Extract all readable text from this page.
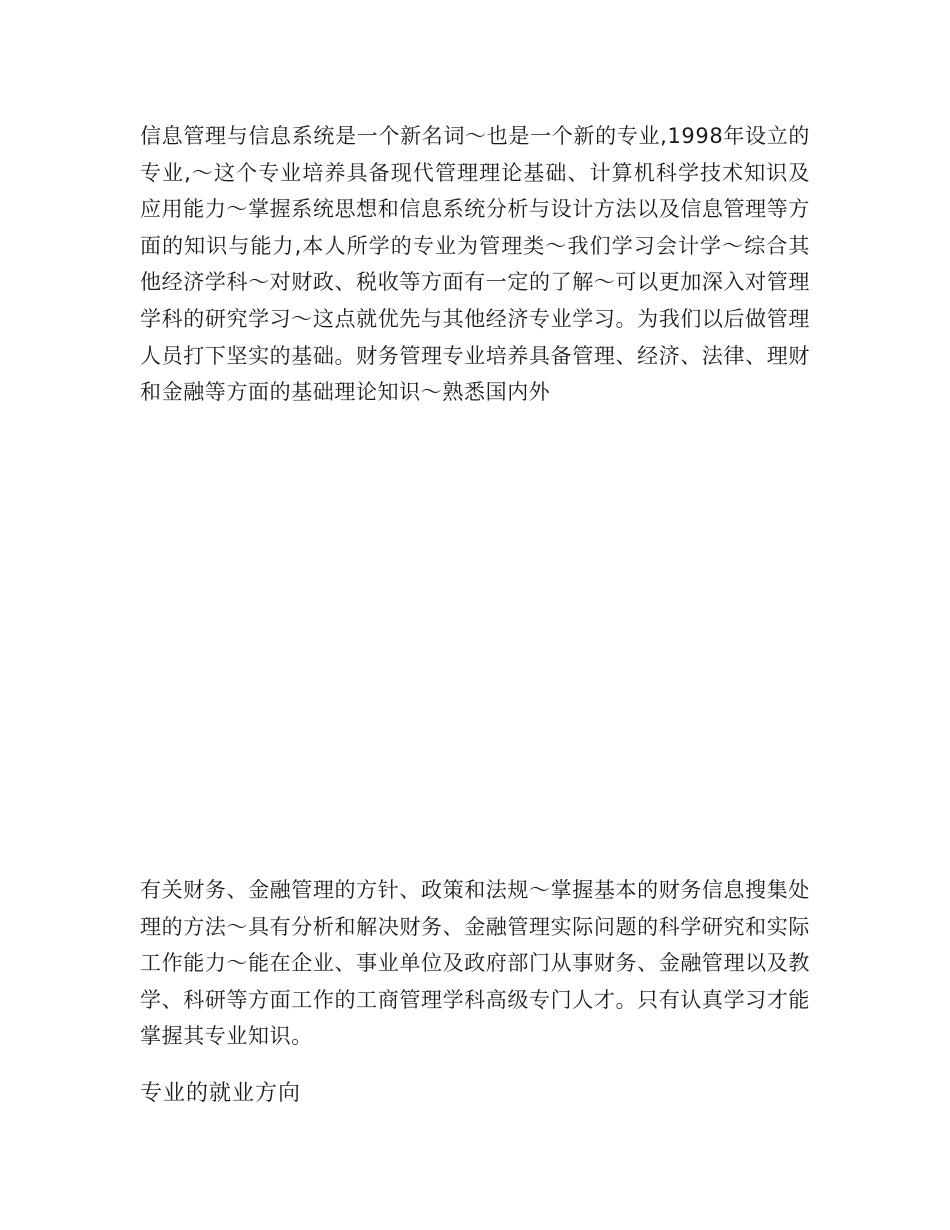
信息管理与信息系统是一个新名词～也是一个新的专业,1998年设立的专业,～这个专业培养具备现代管理理论基础、计算机科学技术知识及应用能力～掌握系统思想和信息系统分析与设计方法以及信息管理等方面的知识与能力,本人所学的专业为管理类～我们学习会计学～综合其他经济学科～对财政、税收等方面有一定的了解～可以更加深入对管理学科的研究学习～这点就优先与其他经济专业学习。为我们以后做管理人员打下坚实的基础。财务管理专业培养具备管理、经济、法律、理财和金融等方面的基础理论知识～熟悉国内外

有关财务、金融管理的方针、政策和法规～掌握基本的财务信息搜集处理的方法～具有分析和解决财务、金融管理实际问题的科学研究和实际工作能力～能在企业、事业单位及政府部门从事财务、金融管理以及教学、科研等方面工作的工商管理学科高级专门人才。只有认真学习才能掌握其专业知识。

专业的就业方向
